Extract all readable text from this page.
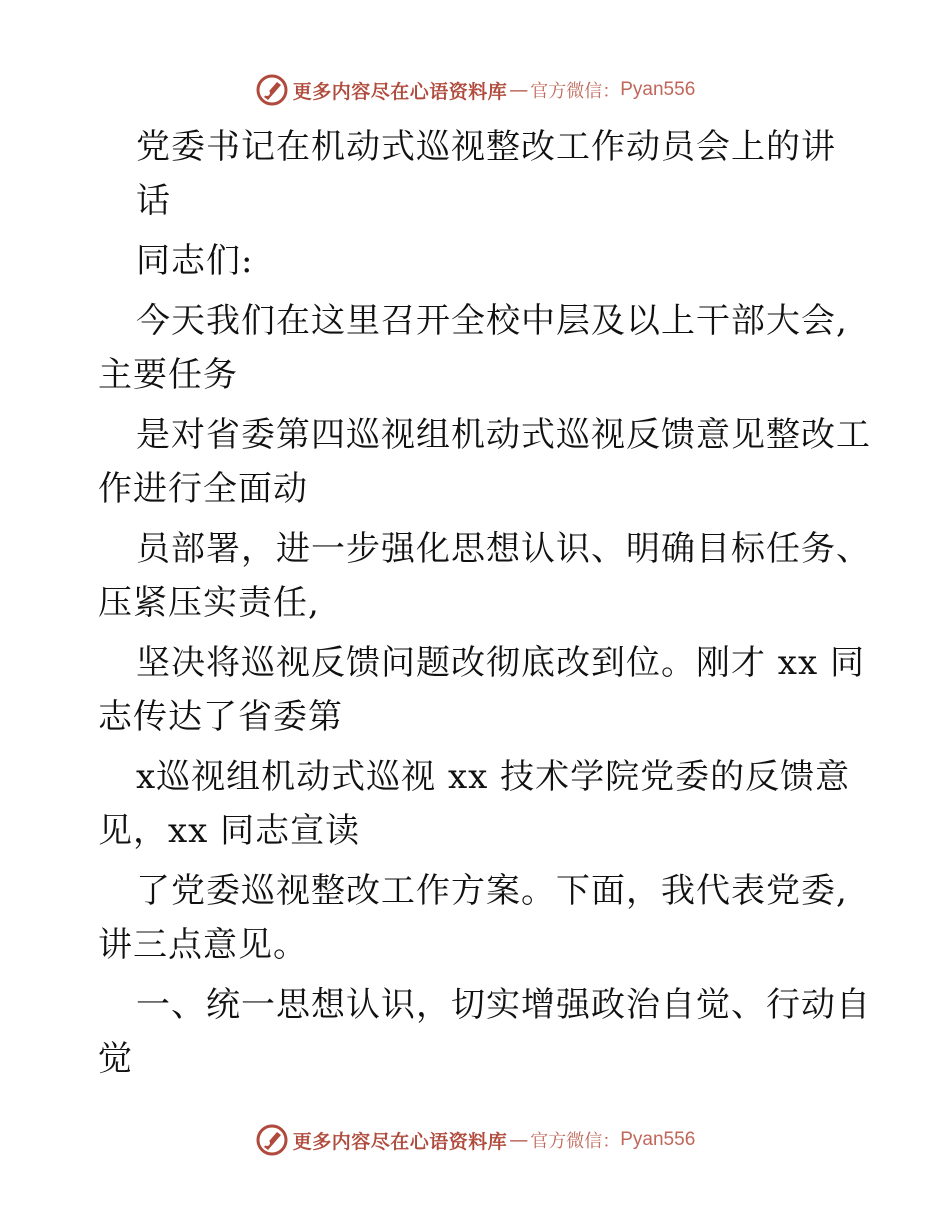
更多内容尽在心语资料库 — 官方微信： Pyan556
党委书记在机动式巡视整改工作动员会上的讲
话
同志们:
今天我们在这里召开全校中层及以上干部大会,
主要任务
是对省委第四巡视组机动式巡视反馈意见整改工
作进行全面动
员部署，进一步强化思想认识、明确目标任务、
压紧压实责任,
坚决将巡视反馈问题改彻底改到位。刚才 xx 同
志传达了省委第
x巡视组机动式巡视 xx 技术学院党委的反馈意
见，xx 同志宣读
了党委巡视整改工作方案。下面，我代表党委,
讲三点意见。
一、统一思想认识，切实增强政治自觉、行动自
觉
更多内容尽在心语资料库 — 官方微信： Pyan556
